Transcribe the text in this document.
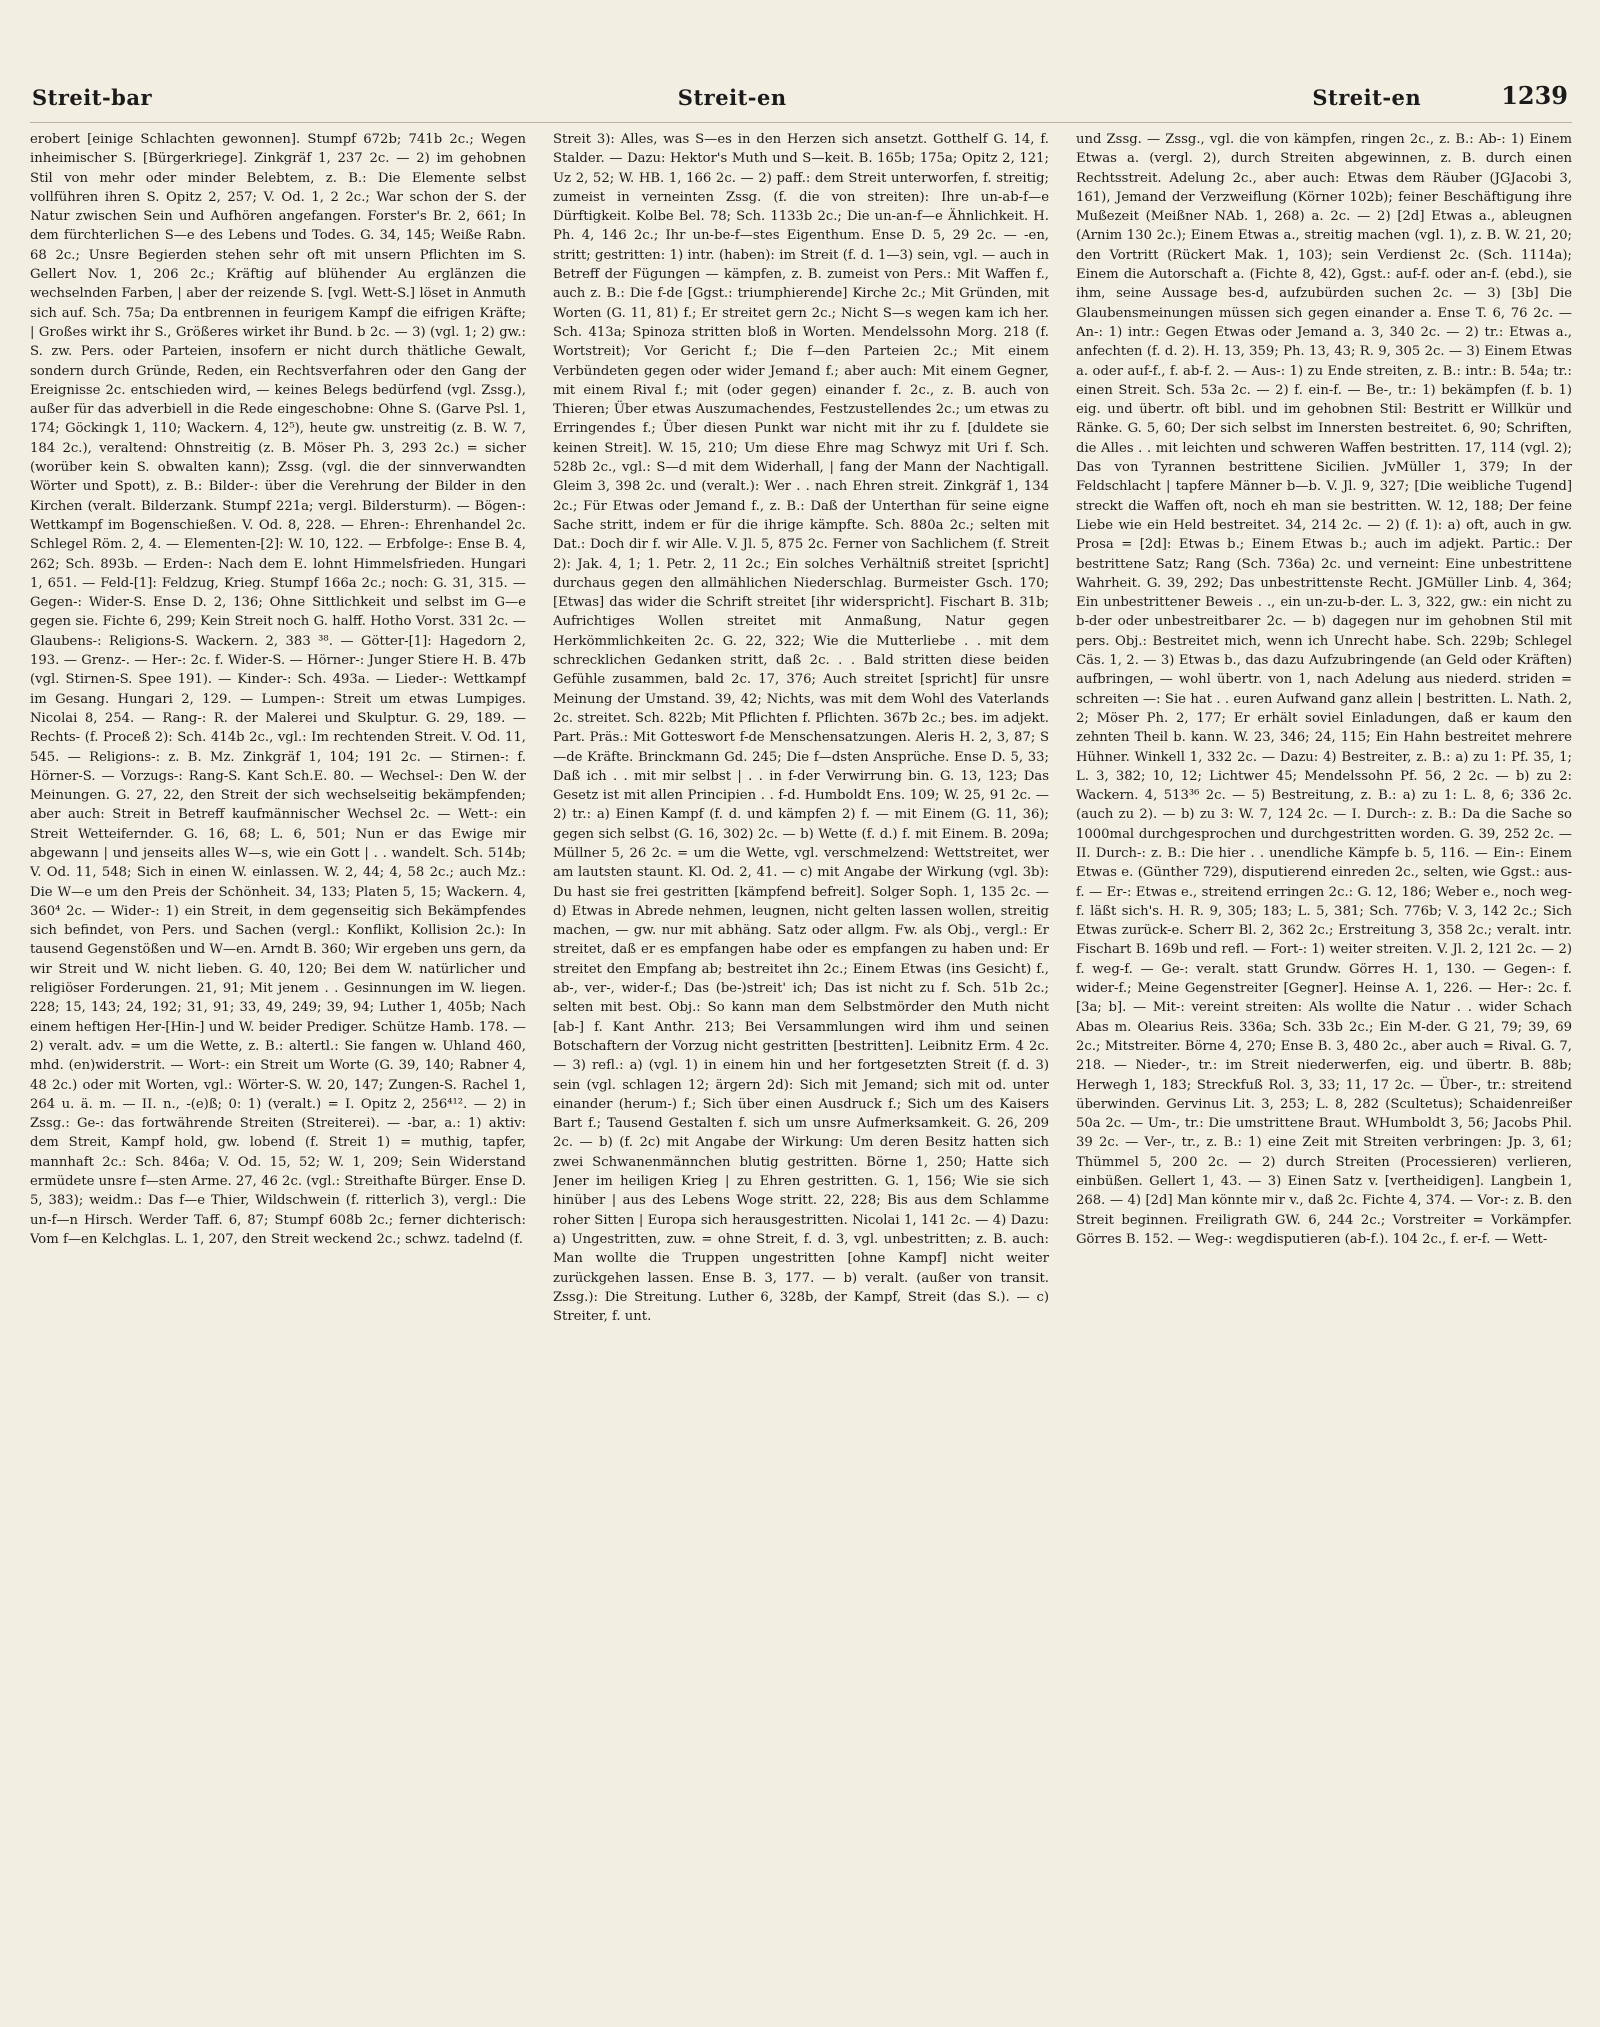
Streit-bar	Streit-en	Streit-en	1239

erobert [einige Schlachten gewonnen]. Stumpf 672b; 741b 2c.; Wegen inheimischer S. [Bürgerkriege]. Zinkgräf 1, 237 2c. — 2) im gehobnen Stil von mehr oder minder Belebtem, z. B.: Die Elemente selbst vollführen ihren S. Opitz 2, 257; V. Od. 1, 2 2c.; War schon der S. der Natur zwischen Sein und Aufhören angefangen. Forster's Br. 2, 661; In dem fürchterlichen S—e des Lebens und Todes. G. 34, 145; Weiße Rabn. 68 2c.; Unsre Begierden stehen sehr oft mit unsern Pflichten im S. Gellert Nov. 1, 206 2c.; Kräftig auf blühender Au erglänzen die wechselnden Farben, | aber der reizende S. [vgl. Wett-S.] löset in Anmuth sich auf. Sch. 75a; Da entbrennen in feurigem Kampf die eifrigen Kräfte; | Großes wirkt ihr S., Größeres wirket ihr Bund. b 2c. — 3) (vgl. 1; 2) gw.: S. zw. Pers. oder Parteien, insofern er nicht durch thätliche Gewalt, sondern durch Gründe, Reden, ein Rechtsverfahren oder den Gang der Ereignisse 2c. entschieden wird, — keines Belegs bedürfend (vgl. Zssg.), außer für das adverbiell in die Rede eingeschobne: Ohne S. (Garve Psl. 1, 174; Göckingk 1, 110; Wackern. 4, 12⁵), heute gw. unstreitig (z. B. W. 7, 184 2c.), veraltend: Ohnstreitig (z. B. Möser Ph. 3, 293 2c.) = sicher (worüber kein S. obwalten kann); Zssg. (vgl. die der sinnverwandten Wörter und Spott), z. B.: Bilder-: über die Verehrung der Bilder in den Kirchen (veralt. Bilderzank. Stumpf 221a; vergl. Bildersturm). — Bögen-: Wettkampf im Bogenschießen. V. Od. 8, 228. — Ehren-: Ehrenhandel 2c. Schlegel Röm. 2, 4. — Elementen-[2]: W. 10, 122. — Erbfolge-: Ense B. 4, 262; Sch. 893b. — Erden-: Nach dem E. lohnt Himmelsfrieden. Hungari 1, 651. — Feld-[1]: Feldzug, Krieg. Stumpf 166a 2c.; noch: G. 31, 315. — Gegen-: Wider-S. Ense D. 2, 136; Ohne Sittlichkeit und selbst im G—e gegen sie. Fichte 6, 299; Kein Streit noch G. halff. Hotho Vorst. 331 2c. — Glaubens-: Religions-S. Wackern. 2, 383 ³⁸. — Götter-[1]: Hagedorn 2, 193. — Grenz-. — Her-: 2c. f. Wider-S. — Hörner-: Junger Stiere H. B. 47b (vgl. Stirnen-S. Spee 191). — Kinder-: Sch. 493a. — Lieder-: Wettkampf im Gesang. Hungari 2, 129. — Lumpen-: Streit um etwas Lumpiges. Nicolai 8, 254. — Rang-: R. der Malerei und Skulptur. G. 29, 189. — Rechts- (f. Proceß 2): Sch. 414b 2c., vgl.: Im rechtenden Streit. V. Od. 11, 545. — Religions-: z. B. Mz. Zinkgräf 1, 104; 191 2c. — Stirnen-: f. Hörner-S. — Vorzugs-: Rang-S. Kant Sch.E. 80. — Wechsel-: Den W. der Meinungen. G. 27, 22, den Streit der sich wechselseitig bekämpfenden; aber auch: Streit in Betreff kaufmännischer Wechsel 2c. — Wett-: ein Streit Wetteifernder. G. 16, 68; L. 6, 501; Nun er das Ewige mir abgewann | und jenseits alles W—s, wie ein Gott | . . wandelt. Sch. 514b; V. Od. 11, 548; Sich in einen W. einlassen. W. 2, 44; 4, 58 2c.; auch Mz.: Die W—e um den Preis der Schönheit. 34, 133; Platen 5, 15; Wackern. 4, 360⁴ 2c. — Wider-: 1) ein Streit, in dem gegenseitig sich Bekämpfendes sich befindet, von Pers. und Sachen (vergl.: Konflikt, Kollision 2c.): In tausend Gegenstößen und W—en. Arndt B. 360; Wir ergeben uns gern, da wir Streit und W. nicht lieben. G. 40, 120; Bei dem W. natürlicher und religiöser Forderungen. 21, 91; Mit jenem . . Gesinnungen im W. liegen. 228; 15, 143; 24, 192; 31, 91; 33, 49, 249; 39, 94; Luther 1, 405b; Nach einem heftigen Her-[Hin-] und W. beider Prediger. Schütze Hamb. 178. — 2) veralt. adv. = um die Wette, z. B.: altertl.: Sie fangen w. Uhland 460, mhd. (en)widerstrit. — Wort-: ein Streit um Worte (G. 39, 140; Rabner 4, 48 2c.) oder mit Worten, vgl.: Wörter-S. W. 20, 147; Zungen-S. Rachel 1, 264 u. ä. m. — II. n., -(e)ß; 0: 1) (veralt.) = I. Opitz 2, 256⁴¹². — 2) in Zssg.: Ge-: das fortwährende Streiten (Streiterei). — -bar, a.: 1) aktiv: dem Streit, Kampf hold, gw. lobend (f. Streit 1) = muthig, tapfer, mannhaft 2c.: Sch. 846a; V. Od. 15, 52; W. 1, 209; Sein Widerstand ermüdete unsre f—sten Arme. 27, 46 2c. (vgl.: Streithafte Bürger. Ense D. 5, 383); weidm.: Das f—e Thier, Wildschwein (f. ritterlich 3), vergl.: Die un-f—n Hirsch. Werder Taff. 6, 87; Stumpf 608b 2c.; ferner dichterisch: Vom f—en Kelchglas. L. 1, 207, den Streit weckend 2c.; schwz. tadelnd (f.

Streit 3): Alles, was S—es in den Herzen sich ansetzt. Gotthelf G. 14, f. Stalder. — Dazu: Hektor's Muth und S—keit. B. 165b; 175a; Opitz 2, 121; Uz 2, 52; W. HB. 1, 166 2c. — 2) paff.: dem Streit unterworfen, f. streitig; zumeist in verneinten Zssg. (f. die von streiten): Ihre un-ab-f—e Dürftigkeit. Kolbe Bel. 78; Sch. 1133b 2c.; Die un-an-f—e Ähnlichkeit. H. Ph. 4, 146 2c.; Ihr un-be-f—stes Eigenthum. Ense D. 5, 29 2c. — -en, stritt; gestritten: 1) intr. (haben): im Streit (f. d. 1—3) sein, vgl. — auch in Betreff der Fügungen — kämpfen, z. B. zumeist von Pers.: Mit Waffen f., auch z. B.: Die f-de [Ggst.: triumphierende] Kirche 2c.; Mit Gründen, mit Worten (G. 11, 81) f.; Er streitet gern 2c.; Nicht S—s wegen kam ich her. Sch. 413a; Spinoza stritten bloß in Worten. Mendelssohn Morg. 218 (f. Wortstreit); Vor Gericht f.; Die f—den Parteien 2c.; Mit einem Verbündeten gegen oder wider Jemand f.; aber auch: Mit einem Gegner, mit einem Rival f.; mit (oder gegen) einander f. 2c., z. B. auch von Thieren; Über etwas Auszumachendes, Festzustellendes 2c.; um etwas zu Erringendes f.; Über diesen Punkt war nicht mit ihr zu f. [duldete sie keinen Streit]. W. 15, 210; Um diese Ehre mag Schwyz mit Uri f. Sch. 528b 2c., vgl.: S—d mit dem Widerhall, | fang der Mann der Nachtigall. Gleim 3, 398 2c. und (veralt.): Wer . . nach Ehren streit. Zinkgräf 1, 134 2c.; Für Etwas oder Jemand f., z. B.: Daß der Unterthan für seine eigne Sache stritt, indem er für die ihrige kämpfte. Sch. 880a 2c.; selten mit Dat.: Doch dir f. wir Alle. V. Jl. 5, 875 2c. Ferner von Sachlichem (f. Streit 2): Jak. 4, 1; 1. Petr. 2, 11 2c.; Ein solches Verhältniß streitet [spricht] durchaus gegen den allmählichen Niederschlag. Burmeister Gsch. 170; [Etwas] das wider die Schrift streitet [ihr widerspricht]. Fischart B. 31b; Aufrichtiges Wollen streitet mit Anmaßung, Natur gegen Herkömmlichkeiten 2c. G. 22, 322; Wie die Mutterliebe . . mit dem schrecklichen Gedanken stritt, daß 2c. . . Bald stritten diese beiden Gefühle zusammen, bald 2c. 17, 376; Auch streitet [spricht] für unsre Meinung der Umstand. 39, 42; Nichts, was mit dem Wohl des Vaterlands 2c. streitet. Sch. 822b; Mit Pflichten f. Pflichten. 367b 2c.; bes. im adjekt. Part. Präs.: Mit Gotteswort f-de Menschensatzungen. Aleris H. 2, 3, 87; S—de Kräfte. Brinckmann Gd. 245; Die f—dsten Ansprüche. Ense D. 5, 33; Daß ich . . mit mir selbst | . . in f-der Verwirrung bin. G. 13, 123; Das Gesetz ist mit allen Principien . . f-d. Humboldt Ens. 109; W. 25, 91 2c. — 2) tr.: a) Einen Kampf (f. d. und kämpfen 2) f. — mit Einem (G. 11, 36); gegen sich selbst (G. 16, 302) 2c. — b) Wette (f. d.) f. mit Einem. B. 209a; Müllner 5, 26 2c. = um die Wette, vgl. verschmelzend: Wettstreitet, wer am lautsten staunt. Kl. Od. 2, 41. — c) mit Angabe der Wirkung (vgl. 3b): Du hast sie frei gestritten [kämpfend befreit]. Solger Soph. 1, 135 2c. — d) Etwas in Abrede nehmen, leugnen, nicht gelten lassen wollen, streitig machen, — gw. nur mit abhäng. Satz oder allgm. Fw. als Obj., vergl.: Er streitet, daß er es empfangen habe oder es empfangen zu haben und: Er streitet den Empfang ab; bestreitet ihn 2c.; Einem Etwas (ins Gesicht) f., ab-, ver-, wider-f.; Das (be-)streit' ich; Das ist nicht zu f. Sch. 51b 2c.; selten mit best. Obj.: So kann man dem Selbstmörder den Muth nicht [ab-] f. Kant Anthr. 213; Bei Versammlungen wird ihm und seinen Botschaftern der Vorzug nicht gestritten [bestritten]. Leibnitz Erm. 4 2c. — 3) refl.: a) (vgl. 1) in einem hin und her fortgesetzten Streit (f. d. 3) sein (vgl. schlagen 12; ärgern 2d): Sich mit Jemand; sich mit od. unter einander (herum-) f.; Sich über einen Ausdruck f.; Sich um des Kaisers Bart f.; Tausend Gestalten f. sich um unsre Aufmerksamkeit. G. 26, 209 2c. — b) (f. 2c) mit Angabe der Wirkung: Um deren Besitz hatten sich zwei Schwanenmännchen blutig gestritten. Börne 1, 250; Hatte sich Jener im heiligen Krieg | zu Ehren gestritten. G. 1, 156; Wie sie sich hinüber | aus des Lebens Woge stritt. 22, 228; Bis aus dem Schlamme roher Sitten | Europa sich herausgestritten. Nicolai 1, 141 2c. — 4) Dazu: a) Ungestritten, zuw. = ohne Streit, f. d. 3, vgl. unbestritten; z. B. auch: Man wollte die Truppen ungestritten [ohne Kampf] nicht weiter zurückgehen lassen. Ense B. 3, 177. — b) veralt. (außer von transit. Zssg.): Die Streitung. Luther 6, 328b, der Kampf, Streit (das S.). — c) Streiter, f. unt.

und Zssg. — Zssg., vgl. die von kämpfen, ringen 2c., z. B.: Ab-: 1) Einem Etwas a. (vergl. 2), durch Streiten abgewinnen, z. B. durch einen Rechtsstreit. Adelung 2c., aber auch: Etwas dem Räuber (JGJacobi 3, 161), Jemand der Verzweiflung (Körner 102b); feiner Beschäftigung ihre Mußezeit (Meißner NAb. 1, 268) a. 2c. — 2) [2d] Etwas a., ableugnen (Arnim 130 2c.); Einem Etwas a., streitig machen (vgl. 1), z. B. W. 21, 20; den Vortritt (Rückert Mak. 1, 103); sein Verdienst 2c. (Sch. 1114a); Einem die Autorschaft a. (Fichte 8, 42), Ggst.: auf-f. oder an-f. (ebd.), sie ihm, seine Aussage bes-d, aufzubürden suchen 2c. — 3) [3b] Die Glaubensmeinungen müssen sich gegen einander a. Ense T. 6, 76 2c. — An-: 1) intr.: Gegen Etwas oder Jemand a. 3, 340 2c. — 2) tr.: Etwas a., anfechten (f. d. 2). H. 13, 359; Ph. 13, 43; R. 9, 305 2c. — 3) Einem Etwas a. oder auf-f., f. ab-f. 2. — Aus-: 1) zu Ende streiten, z. B.: intr.: B. 54a; tr.: einen Streit. Sch. 53a 2c. — 2) f. ein-f. — Be-, tr.: 1) bekämpfen (f. b. 1) eig. und übertr. oft bibl. und im gehobnen Stil: Bestritt er Willkür und Ränke. G. 5, 60; Der sich selbst im Innersten bestreitet. 6, 90; Schriften, die Alles . . mit leichten und schweren Waffen bestritten. 17, 114 (vgl. 2); Das von Tyrannen bestrittene Sicilien. JvMüller 1, 379; In der Feldschlacht | tapfere Männer b—b. V. Jl. 9, 327; [Die weibliche Tugend] streckt die Waffen oft, noch eh man sie bestritten. W. 12, 188; Der feine Liebe wie ein Held bestreitet. 34, 214 2c. — 2) (f. 1): a) oft, auch in gw. Prosa = [2d]: Etwas b.; Einem Etwas b.; auch im adjekt. Partic.: Der bestrittene Satz; Rang (Sch. 736a) 2c. und verneint: Eine unbestrittene Wahrheit. G. 39, 292; Das unbestrittenste Recht. JGMüller Linb. 4, 364; Ein unbestrittener Beweis . ., ein un-zu-b-der. L. 3, 322, gw.: ein nicht zu b-der oder unbestreitbarer 2c. — b) dagegen nur im gehobnen Stil mit pers. Obj.: Bestreitet mich, wenn ich Unrecht habe. Sch. 229b; Schlegel Cäs. 1, 2. — 3) Etwas b., das dazu Aufzubringende (an Geld oder Kräften) aufbringen, — wohl übertr. von 1, nach Adelung aus niederd. striden = schreiten —: Sie hat . . euren Aufwand ganz allein | bestritten. L. Nath. 2, 2; Möser Ph. 2, 177; Er erhält soviel Einladungen, daß er kaum den zehnten Theil b. kann. W. 23, 346; 24, 115; Ein Hahn bestreitet mehrere Hühner. Winkell 1, 332 2c. — Dazu: 4) Bestreiter, z. B.: a) zu 1: Pf. 35, 1; L. 3, 382; 10, 12; Lichtwer 45; Mendelssohn Pf. 56, 2 2c. — b) zu 2: Wackern. 4, 513³⁶ 2c. — 5) Bestreitung, z. B.: a) zu 1: L. 8, 6; 336 2c. (auch zu 2). — b) zu 3: W. 7, 124 2c. — I. Durch-: z. B.: Da die Sache so 1000mal durchgesprochen und durchgestritten worden. G. 39, 252 2c. — II. Durch-: z. B.: Die hier . . unendliche Kämpfe b. 5, 116. — Ein-: Einem Etwas e. (Günther 729), disputierend einreden 2c., selten, wie Ggst.: aus-f. — Er-: Etwas e., streitend erringen 2c.: G. 12, 186; Weber e., noch weg-f. läßt sich's. H. R. 9, 305; 183; L. 5, 381; Sch. 776b; V. 3, 142 2c.; Sich Etwas zurück-e. Scherr Bl. 2, 362 2c.; Erstreitung 3, 358 2c.; veralt. intr. Fischart B. 169b und refl. — Fort-: 1) weiter streiten. V. Jl. 2, 121 2c. — 2) f. weg-f. — Ge-: veralt. statt Grundw. Görres H. 1, 130. — Gegen-: f. wider-f.; Meine Gegenstreiter [Gegner]. Heinse A. 1, 226. — Her-: 2c. f. [3a; b]. — Mit-: vereint streiten: Als wollte die Natur . . wider Schach Abas m. Olearius Reis. 336a; Sch. 33b 2c.; Ein M-der. G 21, 79; 39, 69 2c.; Mitstreiter. Börne 4, 270; Ense B. 3, 480 2c., aber auch = Rival. G. 7, 218. — Nieder-, tr.: im Streit niederwerfen, eig. und übertr. B. 88b; Herwegh 1, 183; Streckfuß Rol. 3, 33; 11, 17 2c. — Über-, tr.: streitend überwinden. Gervinus Lit. 3, 253; L. 8, 282 (Scultetus); Schaidenreißer 50a 2c. — Um-, tr.: Die umstrittene Braut. WHumboldt 3, 56; Jacobs Phil. 39 2c. — Ver-, tr., z. B.: 1) eine Zeit mit Streiten verbringen: Jp. 3, 61; Thümmel 5, 200 2c. — 2) durch Streiten (Processieren) verlieren, einbüßen. Gellert 1, 43. — 3) Einen Satz v. [vertheidigen]. Langbein 1, 268. — 4) [2d] Man könnte mir v., daß 2c. Fichte 4, 374. — Vor-: z. B. den Streit beginnen. Freiligrath GW. 6, 244 2c.; Vorstreiter = Vorkämpfer. Görres B. 152. — Weg-: wegdisputieren (ab-f.). 104 2c., f. er-f. — Wett-
